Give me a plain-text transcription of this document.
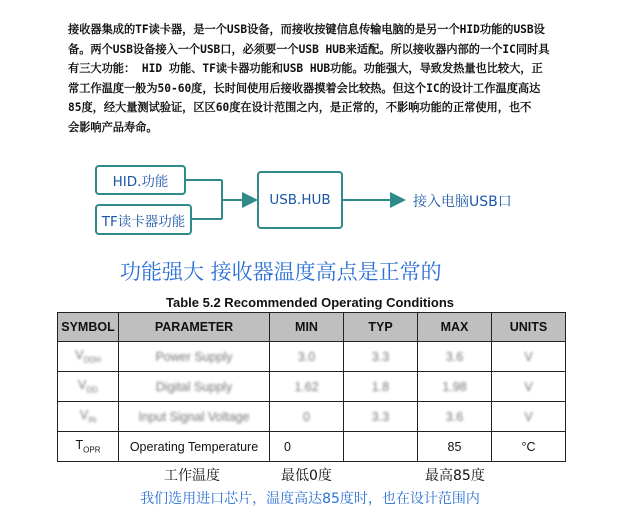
接收器集成的TF读卡器，是一个USB设备，而接收按键信息传输电脑的是另一个HID功能的USB设
备。两个USB设备接入一个USB口，必须要一个USB HUB来适配。所以接收器内部的一个IC同时具
有三大功能： HID 功能、TF读卡器功能和USB HUB功能。功能强大，导致发热量也比较大，正
常工作温度一般为50-60度，长时间使用后接收器摸着会比较热。但这个IC的设计工作温度高达
85度，经大量测试验证，区区60度在设计范围之内，是正常的，不影响功能的正常使用，也不
会影响产品寿命。
HID.功能
TF读卡器功能
USB.HUB	接入电脑USB口
功能强大 接收器温度高点是正常的
Table 5.2 Recommended Operating Conditions
SYMBOL	PARAMETER	MIN	TYP	MAX	UNITS
$V_{DDH}$	Power Supply	3.0	3.3	3.6	V
$V_{DD}$	Digital Supply	1.62	1.8	1.98	V
$V_{IN}$	Input Signal Voltage	0	3.3	3.6	V
$T_{OPR}$	Operating Temperature	0		85	°C
工作温度	最低0度	最高85度
我们选用进口芯片，温度高达85度时，也在设计范围内
